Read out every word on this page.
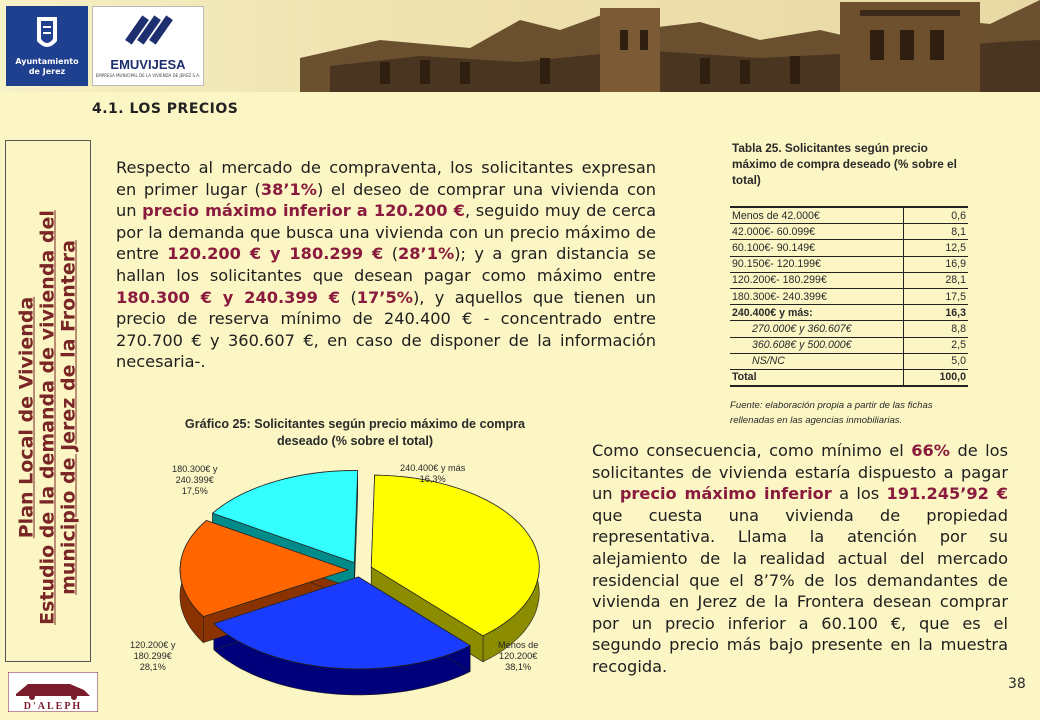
Ayuntamiento
de Jerez	EMUVIJESA
EMPRESA MUNICIPAL DE LA VIVIENDA DE JEREZ S.A.
4.1. LOS PRECIOS
Plan Local de Vivienda Estudio de la demanda de vivienda del municipio de Jerez de la Frontera
Respecto al mercado de compraventa, los solicitantes expresan en primer lugar (38’1%) el deseo de comprar una vivienda con un precio máximo inferior a 120.200 €, seguido muy de cerca por la demanda que busca una vivienda con un precio máximo de entre 120.200 € y 180.299 € (28’1%); y a gran distancia se hallan los solicitantes que desean pagar como máximo entre 180.300 € y 240.399 € (17’5%), y aquellos que tienen un precio de reserva mínimo de 240.400 € - concentrado entre 270.700 € y 360.607 €, en caso de disponer de la información necesaria-.
Como consecuencia, como mínimo el 66% de los solicitantes de vivienda estaría dispuesto a pagar un precio máximo inferior a los 191.245’92 € que cuesta una vivienda de propiedad representativa. Llama la atención por su alejamiento de la realidad actual del mercado residencial que el 8’7% de los demandantes de vivienda en Jerez de la Frontera desean comprar por un precio inferior a 60.100 €, que es el segundo precio más bajo presente en la muestra recogida.
Tabla 25. Solicitantes según precio máximo de compra deseado (% sobre el total)
Menos de 42.000€	0,6
42.000€- 60.099€	8,1
60.100€- 90.149€	12,5
90.150€- 120.199€	16,9
120.200€- 180.299€	28,1
180.300€- 240.399€	17,5
240.400€ y más:	16,3
270.000€ y 360.607€	8,8
360.608€ y 500.000€	2,5
NS/NC	5,0
Total	100,0
Fuente: elaboración propia a partir de las fichas rellenadas en las agencias inmobiliarias.
Gráfico 25: Solicitantes según precio máximo de compra deseado (% sobre el total)
Menos de
120.200€
38,1%
120.200€ y
180.299€
28,1%
180.300€ y
240.399€
17,5%
240.400€ y más
16,3%
D'ALEPH
38
